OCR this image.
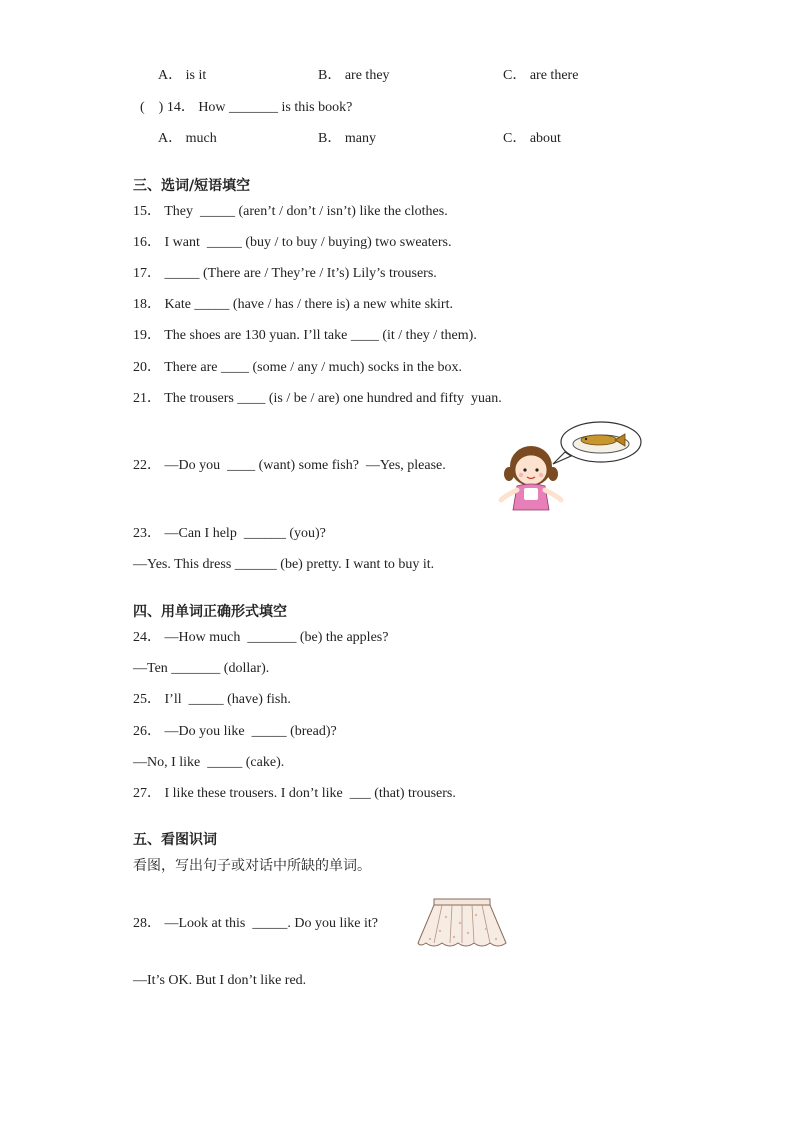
A． is it	B． are they	C． are there
(    ) 14． How _______ is this book?
A． much	B． many	C． about
三、选词/短语填空
15． They  _____ (aren’t / don’t / isn’t) like the clothes.
16． I want  _____ (buy / to buy / buying) two sweaters.
17． _____ (There are / They’re / It’s) Lily’s trousers.
18． Kate _____ (have / has / there is) a new white skirt.
19． The shoes are 130 yuan. I’ll take ____ (it / they / them).
20． There are ____ (some / any / much) socks in the box.
21． The trousers ____ (is / be / are) one hundred and fifty  yuan.
22． —Do you  ____ (want) some fish?  —Yes, please.
23． —Can I help  ______ (you)?
—Yes. This dress ______ (be) pretty. I want to buy it.
四、用单词正确形式填空
24． —How much  _______ (be) the apples?
—Ten _______ (dollar).
25． I’ll  _____ (have) fish.
26． —Do you like  _____ (bread)?
—No, I like  _____ (cake).
27． I like these trousers. I don’t like  ___ (that) trousers.
五、看图识词
看图，写出句子或对话中所缺的单词。
28． —Look at this  _____. Do you like it?
—It’s OK. But I don’t like red.
